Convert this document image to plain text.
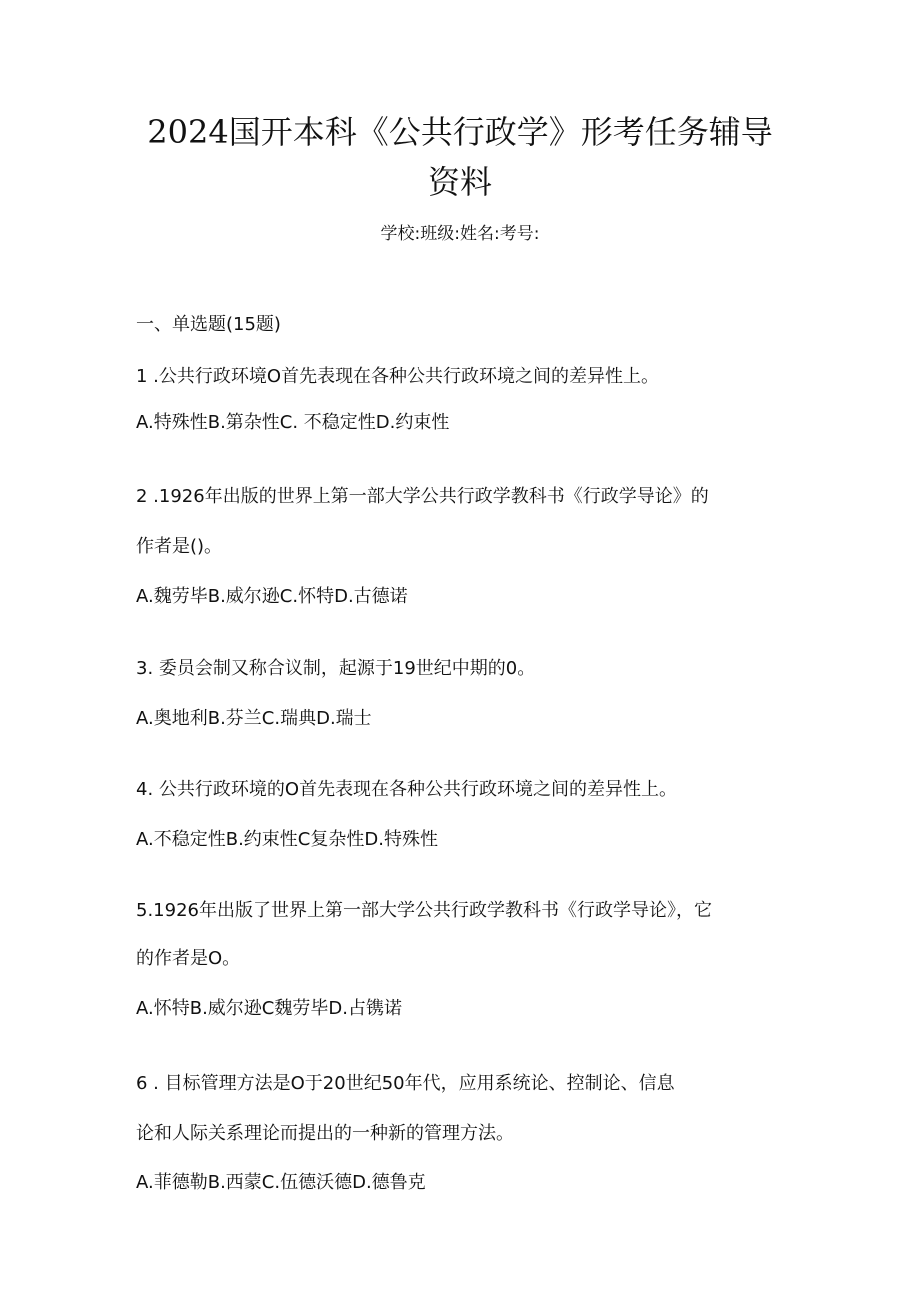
2024国开本科《公共行政学》形考任务辅导
资料
学校:班级:姓名:考号:
一、单选题(15题)
1 .公共行政环境O首先表现在各种公共行政环境之间的差异性上。
A.特殊性B.第杂性C. 不稳定性D.约束性
2 .1926年出版的世界上第一部大学公共行政学教科书《行政学导论》的
作者是()。
A.魏劳毕B.威尔逊C.怀特D.古德诺
3. 委员会制又称合议制，起源于19世纪中期的0。
A.奥地利B.芬兰C.瑞典D.瑞士
4. 公共行政环境的O首先表现在各种公共行政环境之间的差异性上。
A.不稳定性B.约束性C复杂性D.特殊性
5.1926年出版了世界上第一部大学公共行政学教科书《行政学导论》，它
的作者是O。
A.怀特B.威尔逊C魏劳毕D.占镌诺
6 . 目标管理方法是O于20世纪50年代，应用系统论、控制论、信息
论和人际关系理论而提出的一种新的管理方法。
A.菲德勒B.西蒙C.伍德沃德D.德鲁克
